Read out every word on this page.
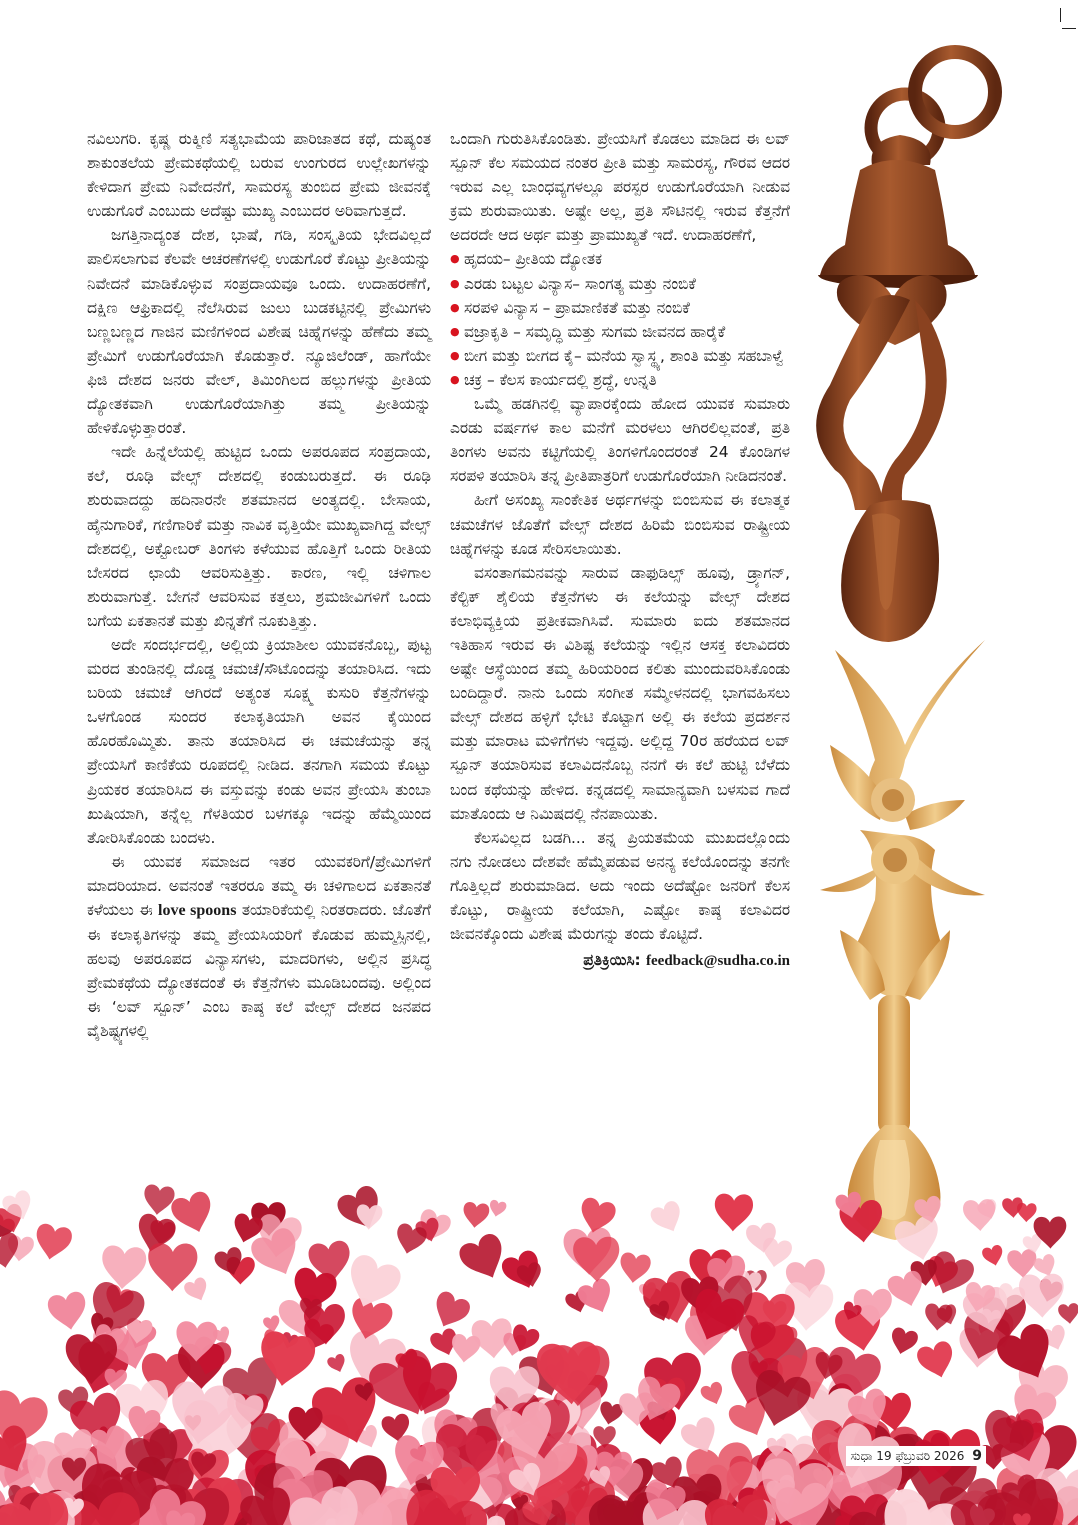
ನವಿಲುಗರಿ. ಕೃಷ್ಣ ರುಕ್ಮಿಣಿ ಸತ್ಯಭಾಮೆಯ ಪಾರಿಜಾತದ ಕಥೆ, ದುಷ್ಯಂತ ಶಾಕುಂತಲೆಯ ಪ್ರೇಮಕಥೆಯಲ್ಲಿ ಬರುವ ಉಂಗುರದ ಉಲ್ಲೇಖಗಳನ್ನು ಕೇಳಿದಾಗ ಪ್ರೇಮ ನಿವೇದನೆಗೆ, ಸಾಮರಸ್ಯ ತುಂಬಿದ ಪ್ರೇಮ ಜೀವನಕ್ಕೆ ಉಡುಗೊರೆ ಎಂಬುದು ಅದೆಷ್ಟು ಮುಖ್ಯ ಎಂಬುದರ ಅರಿವಾಗುತ್ತದೆ.

ಜಗತ್ತಿನಾದ್ಯಂತ ದೇಶ, ಭಾಷೆ, ಗಡಿ, ಸಂಸ್ಕೃತಿಯ ಭೇದವಿಲ್ಲದೆ ಪಾಲಿಸಲಾಗುವ ಕೆಲವೇ ಆಚರಣೆಗಳಲ್ಲಿ ಉಡುಗೊರೆ ಕೊಟ್ಟು ಪ್ರೀತಿಯನ್ನು ನಿವೇದನೆ ಮಾಡಿಕೊಳ್ಳುವ ಸಂಪ್ರದಾಯವೂ ಒಂದು. ಉದಾಹರಣೆಗೆ, ದಕ್ಷಿಣ ಆಫ್ರಿಕಾದಲ್ಲಿ ನೆಲೆಸಿರುವ ಜುಲು ಬುಡಕಟ್ಟಿನಲ್ಲಿ ಪ್ರೇಮಿಗಳು ಬಣ್ಣಬಣ್ಣದ ಗಾಜಿನ ಮಣಿಗಳಿಂದ ವಿಶೇಷ ಚಿಹ್ನೆಗಳನ್ನು ಹೆಣೆದು ತಮ್ಮ ಪ್ರೇಮಿಗೆ ಉಡುಗೊರೆಯಾಗಿ ಕೊಡುತ್ತಾರೆ. ನ್ಯೂಜಿಲೆಂಡ್, ಹಾಗೆಯೇ ಫಿಜಿ ದೇಶದ ಜನರು ವೇಲ್, ತಿಮಿಂಗಿಲದ ಹಲ್ಲುಗಳನ್ನು ಪ್ರೀತಿಯ ದ್ಯೋತಕವಾಗಿ ಉಡುಗೊರೆಯಾಗಿತ್ತು ತಮ್ಮ ಪ್ರೀತಿಯನ್ನು ಹೇಳಿಕೊಳ್ಳುತ್ತಾರಂತೆ.

ಇದೇ ಹಿನ್ನೆಲೆಯಲ್ಲಿ ಹುಟ್ಟಿದ ಒಂದು ಅಪರೂಪದ ಸಂಪ್ರದಾಯ, ಕಲೆ, ರೂಢಿ ವೇಲ್ಸ್ ದೇಶದಲ್ಲಿ ಕಂಡುಬರುತ್ತದೆ. ಈ ರೂಢಿ ಶುರುವಾದದ್ದು ಹದಿನಾರನೇ ಶತಮಾನದ ಅಂತ್ಯದಲ್ಲಿ. ಬೇಸಾಯ, ಹೈನುಗಾರಿಕೆ, ಗಣಿಗಾರಿಕೆ ಮತ್ತು ನಾವಿಕ ವೃತ್ತಿಯೇ ಮುಖ್ಯವಾಗಿದ್ದ ವೇಲ್ಸ್ ದೇಶದಲ್ಲಿ, ಅಕ್ಟೋಬರ್ ತಿಂಗಳು ಕಳೆಯುವ ಹೊತ್ತಿಗೆ ಒಂದು ರೀತಿಯ ಬೇಸರದ ಛಾಯೆ ಆವರಿಸುತ್ತಿತ್ತು. ಕಾರಣ, ಇಲ್ಲಿ ಚಳಿಗಾಲ ಶುರುವಾಗುತ್ತೆ. ಬೇಗನೆ ಆವರಿಸುವ ಕತ್ತಲು, ಶ್ರಮಜೀವಿಗಳಿಗೆ ಒಂದು ಬಗೆಯ ಏಕತಾನತೆ ಮತ್ತು ಖಿನ್ನತೆಗೆ ನೂಕುತ್ತಿತ್ತು.

ಅದೇ ಸಂದರ್ಭದಲ್ಲಿ, ಅಲ್ಲಿಯ ಕ್ರಿಯಾಶೀಲ ಯುವಕನೊಬ್ಬ, ಪುಟ್ಟ ಮರದ ತುಂಡಿನಲ್ಲಿ ದೊಡ್ಡ ಚಮಚೆ/ಸೌಟೊಂದನ್ನು ತಯಾರಿಸಿದ. ಇದು ಬರಿಯ ಚಮಚೆ ಆಗಿರದೆ ಅತ್ಯಂತ ಸೂಕ್ಷ್ಮ ಕುಸುರಿ ಕೆತ್ತನೆಗಳನ್ನು ಒಳಗೊಂಡ ಸುಂದರ ಕಲಾಕೃತಿಯಾಗಿ ಅವನ ಕೈಯಿಂದ ಹೊರಹೊಮ್ಮಿತು. ತಾನು ತಯಾರಿಸಿದ ಈ ಚಮಚೆಯನ್ನು ತನ್ನ ಪ್ರೇಯಸಿಗೆ ಕಾಣಿಕೆಯ ರೂಪದಲ್ಲಿ ನೀಡಿದ. ತನಗಾಗಿ ಸಮಯ ಕೊಟ್ಟು ಪ್ರಿಯಕರ ತಯಾರಿಸಿದ ಈ ವಸ್ತುವನ್ನು ಕಂಡು ಅವನ ಪ್ರೇಯಸಿ ತುಂಬಾ ಖುಷಿಯಾಗಿ, ತನ್ನೆಲ್ಲ ಗೆಳತಿಯರ ಬಳಗಕ್ಕೂ ಇದನ್ನು ಹೆಮ್ಮೆಯಿಂದ ತೋರಿಸಿಕೊಂಡು ಬಂದಳು.

ಈ ಯುವಕ ಸಮಾಜದ ಇತರ ಯುವಕರಿಗೆ/ಪ್ರೇಮಿಗಳಿಗೆ ಮಾದರಿಯಾದ. ಅವನಂತೆ ಇತರರೂ ತಮ್ಮ ಈ ಚಳಿಗಾಲದ ಏಕತಾನತೆ ಕಳೆಯಲು ಈ love spoons ತಯಾರಿಕೆಯಲ್ಲಿ ನಿರತರಾದರು. ಜೊತೆಗೆ ಈ ಕಲಾಕೃತಿಗಳನ್ನು ತಮ್ಮ ಪ್ರೇಯಸಿಯರಿಗೆ ಕೊಡುವ ಹುಮ್ಮಸ್ಸಿನಲ್ಲಿ, ಹಲವು ಅಪರೂಪದ ವಿನ್ಯಾಸಗಳು, ಮಾದರಿಗಳು, ಅಲ್ಲಿನ ಪ್ರಸಿದ್ಧ ಪ್ರೇಮಕಥೆಯ ದ್ಯೋತಕದಂತೆ ಈ ಕೆತ್ತನೆಗಳು ಮೂಡಿಬಂದವು. ಅಲ್ಲಿಂದ ಈ ‘ಲವ್ ಸ್ಪೂನ್’ ಎಂಬ ಕಾಷ್ಠ ಕಲೆ ವೇಲ್ಸ್ ದೇಶದ ಜನಪದ ವೈಶಿಷ್ಟ್ಯಗಳಲ್ಲಿ

ಒಂದಾಗಿ ಗುರುತಿಸಿಕೊಂಡಿತು. ಪ್ರೇಯಸಿಗೆ ಕೊಡಲು ಮಾಡಿದ ಈ ಲವ್ ಸ್ಪೂನ್ ಕೆಲ ಸಮಯದ ನಂತರ ಪ್ರೀತಿ ಮತ್ತು ಸಾಮರಸ್ಯ, ಗೌರವ ಆದರ ಇರುವ ಎಲ್ಲ ಬಾಂಧವ್ಯಗಳಲ್ಲೂ ಪರಸ್ಪರ ಉಡುಗೊರೆಯಾಗಿ ನೀಡುವ ಕ್ರಮ ಶುರುವಾಯಿತು. ಅಷ್ಟೇ ಅಲ್ಲ, ಪ್ರತಿ ಸೌಟಿನಲ್ಲಿ ಇರುವ ಕೆತ್ತನೆಗೆ ಅದರದೇ ಆದ ಅರ್ಥ ಮತ್ತು ಪ್ರಾಮುಖ್ಯತೆ ಇದೆ. ಉದಾಹರಣೆಗೆ,

● ಹೃದಯ– ಪ್ರೀತಿಯ ದ್ಯೋತಕ
● ಎರಡು ಬಟ್ಟಲ ವಿನ್ಯಾಸ– ಸಾಂಗತ್ಯ ಮತ್ತು ನಂಬಿಕೆ
● ಸರಪಳಿ ವಿನ್ಯಾಸ – ಪ್ರಾಮಾಣಿಕತೆ ಮತ್ತು ನಂಬಿಕೆ
● ವಜ್ರಾಕೃತಿ – ಸಮೃದ್ಧಿ ಮತ್ತು ಸುಗಮ ಜೀವನದ ಹಾರೈಕೆ
● ಬೀಗ ಮತ್ತು ಬೀಗದ ಕೈ– ಮನೆಯ ಸ್ವಾಸ್ಥ್ಯ, ಶಾಂತಿ ಮತ್ತು ಸಹಬಾಳ್ವೆ
● ಚಕ್ರ – ಕೆಲಸ ಕಾರ್ಯದಲ್ಲಿ ಶ್ರದ್ಧೆ, ಉನ್ನತಿ

ಒಮ್ಮೆ ಹಡಗಿನಲ್ಲಿ ವ್ಯಾಪಾರಕ್ಕೆಂದು ಹೋದ ಯುವಕ ಸುಮಾರು ಎರಡು ವರ್ಷಗಳ ಕಾಲ ಮನೆಗೆ ಮರಳಲು ಆಗಿರಲಿಲ್ಲವಂತೆ, ಪ್ರತಿ ತಿಂಗಳು ಅವನು ಕಟ್ಟಿಗೆಯಲ್ಲಿ ತಿಂಗಳಿಗೊಂದರಂತೆ 24 ಕೊಂಡಿಗಳ ಸರಪಳಿ ತಯಾರಿಸಿ ತನ್ನ ಪ್ರೀತಿಪಾತ್ರರಿಗೆ ಉಡುಗೊರೆಯಾಗಿ ನೀಡಿದನಂತೆ.

ಹೀಗೆ ಅಸಂಖ್ಯ ಸಾಂಕೇತಿಕ ಅರ್ಥಗಳನ್ನು ಬಿಂಬಿಸುವ ಈ ಕಲಾತ್ಮಕ ಚಮಚೆಗಳ ಜೊತೆಗೆ ವೇಲ್ಸ್ ದೇಶದ ಹಿರಿಮೆ ಬಿಂಬಿಸುವ ರಾಷ್ಟ್ರೀಯ ಚಿಹ್ನೆಗಳನ್ನು ಕೂಡ ಸೇರಿಸಲಾಯಿತು.

ವಸಂತಾಗಮನವನ್ನು ಸಾರುವ ಡಾಫುಡಿಲ್ಸ್ ಹೂವು, ಡ್ರ್ಯಾಗನ್, ಕೆಲ್ಟಿಕ್ ಶೈಲಿಯ ಕೆತ್ತನೆಗಳು ಈ ಕಲೆಯನ್ನು ವೇಲ್ಸ್ ದೇಶದ ಕಲಾಭಿವ್ಯಕ್ತಿಯ ಪ್ರತೀಕವಾಗಿಸಿವೆ. ಸುಮಾರು ಐದು ಶತಮಾನದ ಇತಿಹಾಸ ಇರುವ ಈ ವಿಶಿಷ್ಟ ಕಲೆಯನ್ನು ಇಲ್ಲಿನ ಆಸಕ್ತ ಕಲಾವಿದರು ಅಷ್ಟೇ ಆಸ್ಥೆಯಿಂದ ತಮ್ಮ ಹಿರಿಯರಿಂದ ಕಲಿತು ಮುಂದುವರಿಸಿಕೊಂಡು ಬಂದಿದ್ದಾರೆ. ನಾನು ಒಂದು ಸಂಗೀತ ಸಮ್ಮೇಳನದಲ್ಲಿ ಭಾಗವಹಿಸಲು ವೇಲ್ಸ್ ದೇಶದ ಹಳ್ಳಿಗೆ ಭೇಟಿ ಕೊಟ್ಟಾಗ ಅಲ್ಲಿ ಈ ಕಲೆಯ ಪ್ರದರ್ಶನ ಮತ್ತು ಮಾರಾಟ ಮಳಿಗೆಗಳು ಇದ್ದವು. ಅಲ್ಲಿದ್ದ 70ರ ಹರೆಯದ ಲವ್ ಸ್ಪೂನ್ ತಯಾರಿಸುವ ಕಲಾವಿದನೊಬ್ಬ ನನಗೆ ಈ ಕಲೆ ಹುಟ್ಟಿ ಬೆಳೆದು ಬಂದ ಕಥೆಯನ್ನು ಹೇಳಿದ. ಕನ್ನಡದಲ್ಲಿ ಸಾಮಾನ್ಯವಾಗಿ ಬಳಸುವ ಗಾದೆ ಮಾತೊಂದು ಆ ನಿಮಿಷದಲ್ಲಿ ನೆನಪಾಯಿತು.

ಕೆಲಸವಿಲ್ಲದ ಬಡಗಿ... ತನ್ನ ಪ್ರಿಯತಮೆಯ ಮುಖದಲ್ಲೊಂದು ನಗು ನೋಡಲು ದೇಶವೇ ಹೆಮ್ಮೆಪಡುವ ಅನನ್ಯ ಕಲೆಯೊಂದನ್ನು ತನಗೇ ಗೊತ್ತಿಲ್ಲದೆ ಶುರುಮಾಡಿದ. ಅದು ಇಂದು ಅದೆಷ್ಟೋ ಜನರಿಗೆ ಕೆಲಸ ಕೊಟ್ಟು, ರಾಷ್ಟ್ರೀಯ ಕಲೆಯಾಗಿ, ಎಷ್ಟೋ ಕಾಷ್ಠ ಕಲಾವಿದರ ಜೀವನಕ್ಕೊಂದು ವಿಶೇಷ ಮೆರುಗನ್ನು ತಂದು ಕೊಟ್ಟಿದೆ.

ಪ್ರತಿಕ್ರಿಯಿಸಿ: feedback@sudha.co.in
ಸುಧಾ 19 ಫೆಬ್ರುವರಿ 2026 9
